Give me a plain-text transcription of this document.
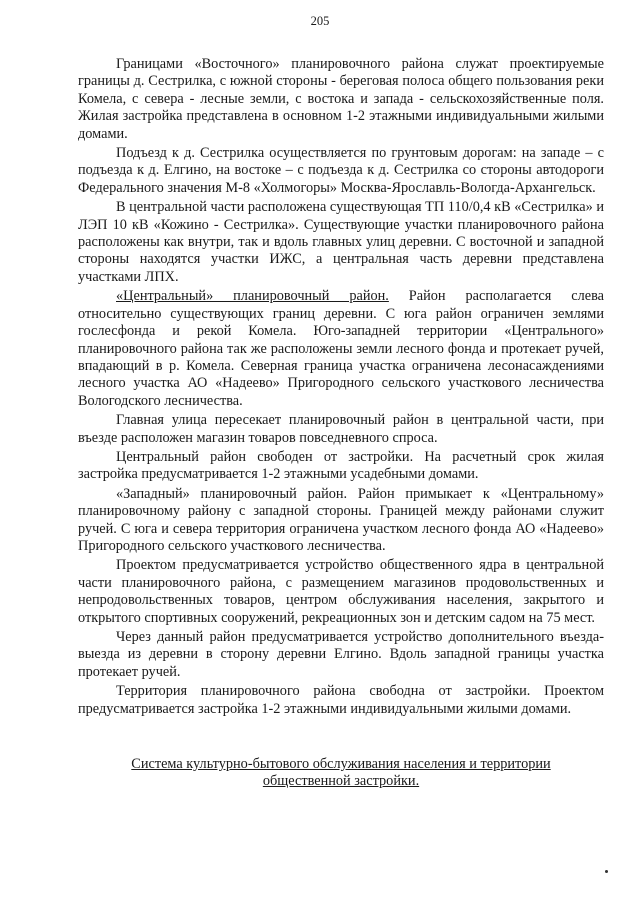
205

Границами «Восточного» планировочного района служат проектируемые границы д. Сестрилка, с южной стороны - береговая полоса общего пользования реки Комела, с севера - лесные земли, с востока и запада - сельскохозяйственные поля. Жилая застройка представлена в основном 1-2 этажными индивидуальными жилыми домами.

Подъезд к д. Сестрилка осуществляется по грунтовым дорогам: на западе – с подъезда к д. Елгино, на востоке – с подъезда к д. Сестрилка со стороны автодороги Федерального значения М-8 «Холмогоры» Москва-Ярославль-Вологда-Архангельск.

В центральной части расположена существующая ТП 110/0,4 кВ «Сестрилка» и ЛЭП 10 кВ «Кожино - Сестрилка». Существующие участки планировочного района расположены как внутри, так и вдоль главных улиц деревни. С восточной и западной стороны находятся участки ИЖС, а центральная часть деревни представлена участками ЛПХ.

«Центральный» планировочный район. Район располагается слева относительно существующих границ деревни. С юга район ограничен землями гослесфонда и рекой Комела. Юго-западней территории «Центрального» планировочного района так же расположены земли лесного фонда и протекает ручей, впадающий в р. Комела. Северная граница участка ограничена лесонасаждениями лесного участка АО «Надеево» Пригородного сельского участкового лесничества Вологодского лесничества.

Главная улица пересекает планировочный район в центральной части, при въезде расположен магазин товаров повседневного спроса.

Центральный район свободен от застройки. На расчетный срок жилая застройка предусматривается 1-2 этажными усадебными домами.

«Западный» планировочный район. Район примыкает к «Центральному» планировочному району с западной стороны. Границей между районами служит ручей. С юга и севера территория ограничена участком лесного фонда АО «Надеево» Пригородного сельского участкового лесничества.

Проектом предусматривается устройство общественного ядра в центральной части планировочного района, с размещением магазинов продовольственных и непродовольственных товаров, центром обслуживания населения, закрытого и открытого спортивных сооружений, рекреационных зон и детским садом на 75 мест.

Через данный район предусматривается устройство дополнительного въезда-выезда из деревни в сторону деревни Елгино. Вдоль западной границы участка протекает ручей.

Территория планировочного района свободна от застройки. Проектом предусматривается застройка 1-2 этажными индивидуальными жилыми домами.

Система культурно-бытового обслуживания населения и территории общественной застройки.
